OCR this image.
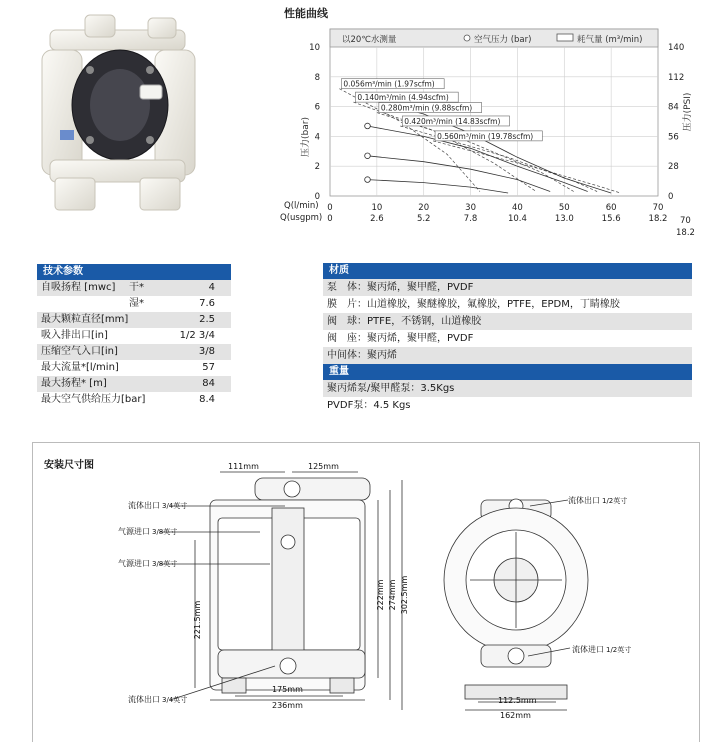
性能曲线
以20℃水测量	空气压力 (bar)	耗气量 (m³/min)
0.056m³/min (1.97scfm)
0.140m³/min (4.94scfm)
0.280m³/min (9.88scfm)
0.420m³/min (14.83scfm)
0.560m³/min (19.78scfm)
10
8
6
4
2
0
140
112
84
56
28
0
0	10	20	30	40	50	60	70
0	2.6	5.2	7.8	10.4	13.0	15.6	18.2
压力(bar)
压力(PSI)
Q(l/min)
Q(usgpm)	70
18.2
技术参数
自吸扬程 [mwc] 干*	4
湿*	7.6
最大颗粒直径[mm]	2.5
吸入排出口[in]	1/2 3/4
压缩空气入口[in]	3/8
最大流量*[l/min]	57
最大扬程* [m]	84
最大空气供给压力[bar]	8.4
材质
泵　体：聚丙烯，聚甲醛，PVDF
膜　片：山道橡胶，聚醚橡胶，氟橡胶，PTFE，EPDM，丁睛橡胶
阀　球：PTFE，不锈钢，山道橡胶
阀　座：聚丙烯，聚甲醛，PVDF
中间体：聚丙烯
重量
聚丙烯泵/聚甲醛泵：3.5Kgs
PVDF泵：4.5 Kgs
安装尺寸图	111mm	125mm
222mm 274mm 302.5mm
221.5mm
175mm
236mm
112.5mm
162mm
流体出口 3/4英寸
气源进口 3/8英寸
气源进口 3/8英寸
流体出口 3/4英寸
流体出口 1/2英寸
流体进口 1/2英寸
